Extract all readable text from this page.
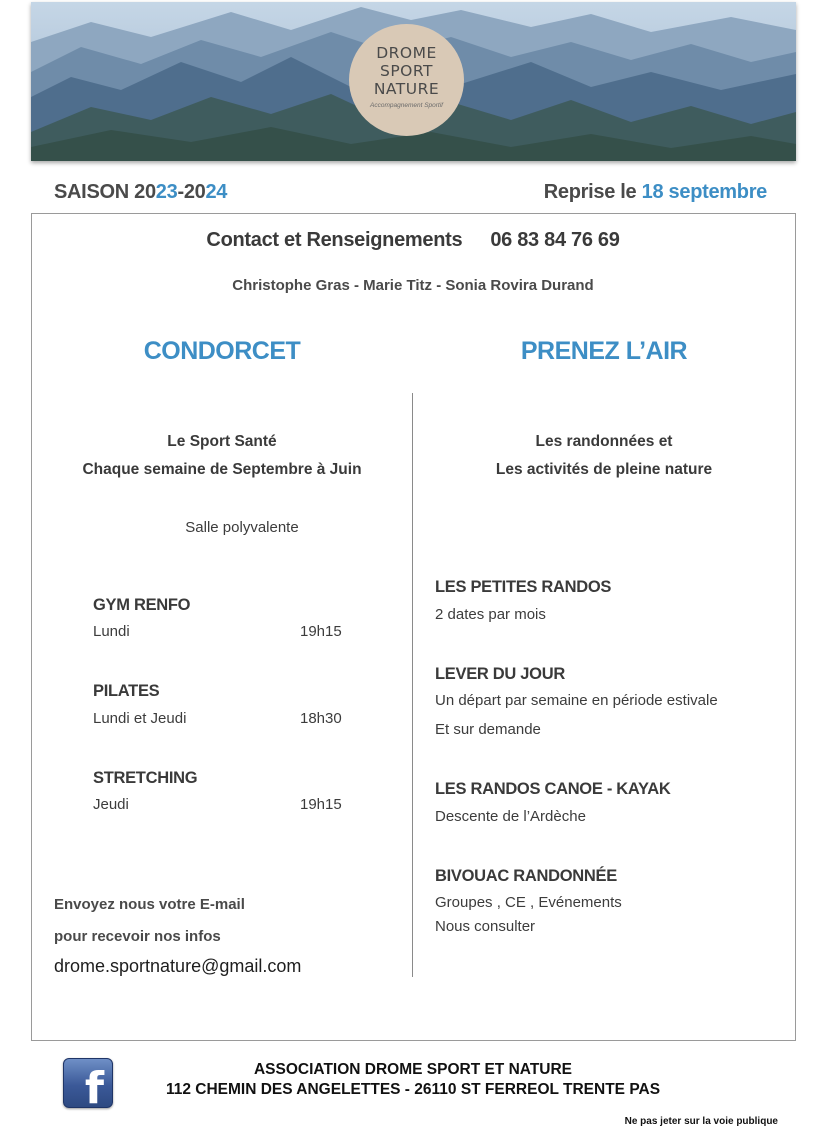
DROME
SPORT
NATURE
Accompagnement Sportif
SAISON 2023-2024	Reprise le 18 septembre
Contact et Renseignements 06 83 84 76 69
Christophe Gras - Marie Titz - Sonia Rovira Durand
CONDORCET	PRENEZ L’AIR
Le Sport Santé
Chaque semaine de Septembre à Juin
Salle polyvalente
GYM RENFO
Lundi	19h15
PILATES
Lundi et Jeudi	18h30
STRETCHING
Jeudi	19h15
Envoyez nous votre E-mail
pour recevoir nos infos
drome.sportnature@gmail.com
Les randonnées et
Les activités de pleine nature
LES PETITES RANDOS
2 dates par mois
LEVER DU JOUR
Un départ par semaine en période estivale
Et sur demande
LES RANDOS CANOE - KAYAK
Descente de l’Ardèche
BIVOUAC RANDONNÉE
Groupes , CE , Evénements
Nous consulter
f	ASSOCIATION DROME SPORT ET NATURE
112 CHEMIN DES ANGELETTES - 26110 ST FERREOL TRENTE PAS
Ne pas jeter sur la voie publique
